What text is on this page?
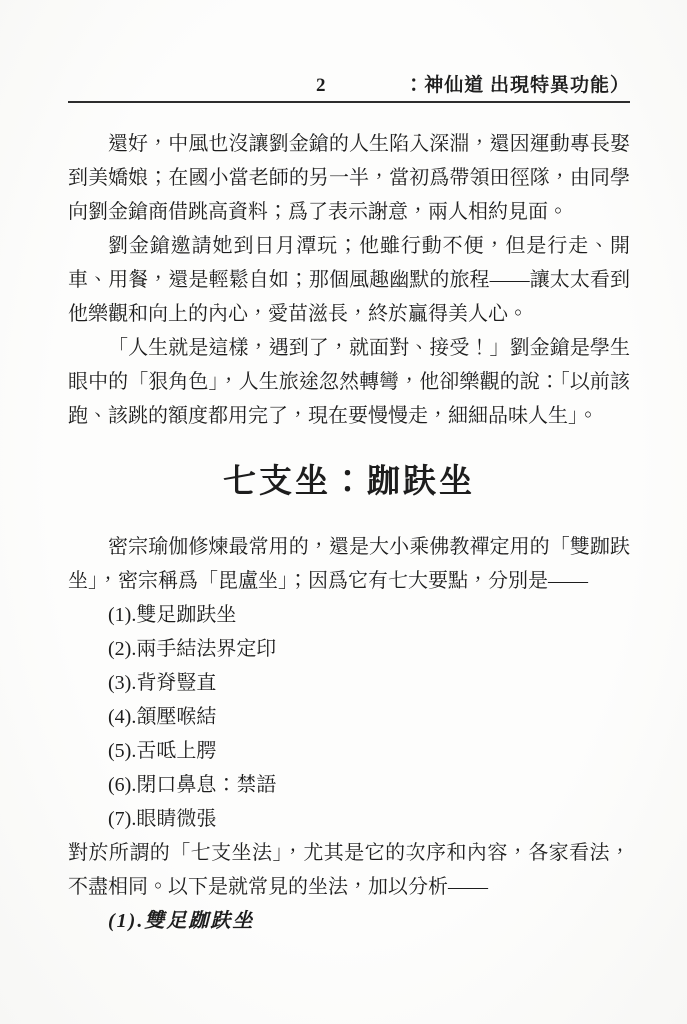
2	：神仙道 出現特異功能）

還好，中風也沒讓劉金鎗的人生陷入深淵，還因運動專長娶到美嬌娘；在國小當老師的另一半，當初爲帶領田徑隊，由同學向劉金鎗商借跳高資料；爲了表示謝意，兩人相約見面。

劉金鎗邀請她到日月潭玩；他雖行動不便，但是行走、開車、用餐，還是輕鬆自如；那個風趣幽默的旅程——讓太太看到他樂觀和向上的內心，愛苗滋長，終於贏得美人心。

「人生就是這樣，遇到了，就面對、接受！」劉金鎗是學生眼中的「狠角色」，人生旅途忽然轉彎，他卻樂觀的說：「以前該跑、該跳的額度都用完了，現在要慢慢走，細細品味人生」。

七支坐：跏趺坐

密宗瑜伽修煉最常用的，還是大小乘佛教禪定用的「雙跏趺坐」，密宗稱爲「毘盧坐」；因爲它有七大要點，分別是——

(1).雙足跏趺坐
(2).兩手結法界定印
(3).背脊豎直
(4).頷壓喉結
(5).舌呧上腭
(6).閉口鼻息：禁語
(7).眼睛微張

對於所謂的「七支坐法」，尤其是它的次序和內容，各家看法，不盡相同。以下是就常見的坐法，加以分析——

(1).雙足跏趺坐
